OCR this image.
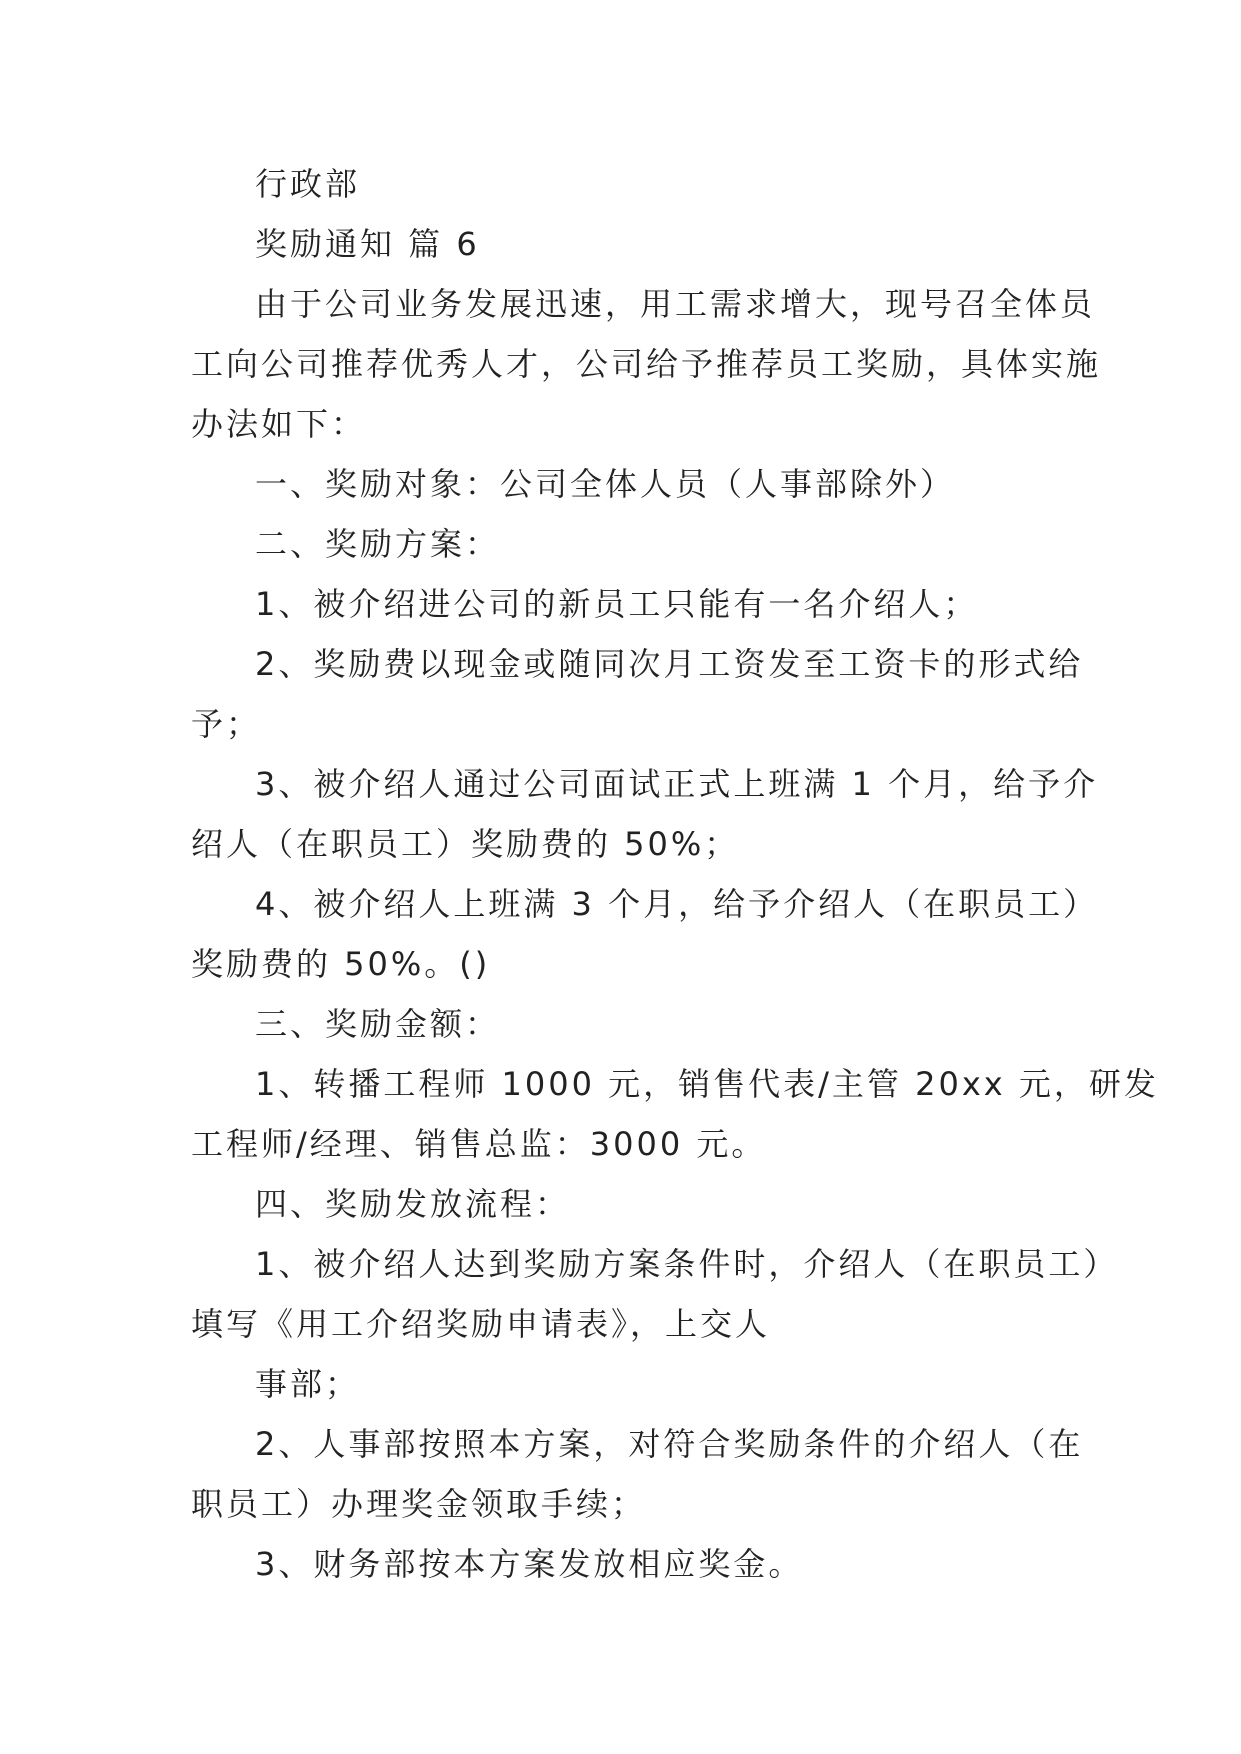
行政部
奖励通知 篇 6
由于公司业务发展迅速，用工需求增大，现号召全体员
工向公司推荐优秀人才，公司给予推荐员工奖励，具体实施
办法如下：
一、奖励对象：公司全体人员（人事部除外）
二、奖励方案：
1、被介绍进公司的新员工只能有一名介绍人；
2、奖励费以现金或随同次月工资发至工资卡的形式给
予；
3、被介绍人通过公司面试正式上班满 1 个月，给予介
绍人（在职员工）奖励费的 50%；
4、被介绍人上班满 3 个月，给予介绍人（在职员工）
奖励费的 50%。()
三、奖励金额：
1、转播工程师 1000 元，销售代表/主管 20xx 元，研发
工程师/经理、销售总监：3000 元。
四、奖励发放流程：
1、被介绍人达到奖励方案条件时，介绍人（在职员工）
填写《用工介绍奖励申请表》，上交人
事部；
2、人事部按照本方案，对符合奖励条件的介绍人（在
职员工）办理奖金领取手续；
3、财务部按本方案发放相应奖金。
